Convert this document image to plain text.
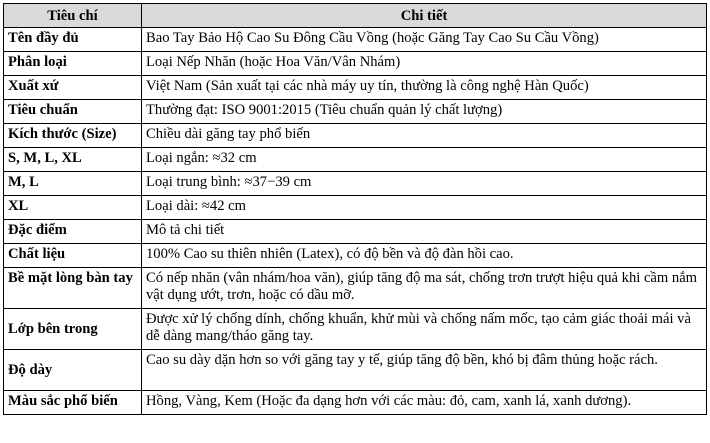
Tiêu chí	Chi tiết
Tên đầy đủ	Bao Tay Bảo Hộ Cao Su Đông Cầu Vồng (hoặc Găng Tay Cao Su Cầu Vồng)
Phân loại	Loại Nếp Nhăn (hoặc Hoa Văn/Vân Nhám)
Xuất xứ	Việt Nam (Sản xuất tại các nhà máy uy tín, thường là công nghệ Hàn Quốc)
Tiêu chuẩn	Thường đạt: ISO 9001:2015 (Tiêu chuẩn quản lý chất lượng)
Kích thước (Size)	Chiều dài găng tay phổ biến
S, M, L, XL	Loại ngắn: ≈32 cm
M, L	Loại trung bình: ≈37−39 cm
XL	Loại dài: ≈42 cm
Đặc điểm	Mô tả chi tiết
Chất liệu	100% Cao su thiên nhiên (Latex), có độ bền và độ đàn hồi cao.
Bề mặt lòng bàn tay	Có nếp nhăn (vân nhám/hoa văn), giúp tăng độ ma sát, chống trơn trượt hiệu quả khi cầm nắm vật dụng ướt, trơn, hoặc có dầu mỡ.
Lớp bên trong	Được xử lý chống dính, chống khuẩn, khử mùi và chống nấm mốc, tạo cảm giác thoải mái và dễ dàng mang/tháo găng tay.
Độ dày	Cao su dày dặn hơn so với găng tay y tế, giúp tăng độ bền, khó bị đâm thủng hoặc rách.
Màu sắc phổ biến	Hồng, Vàng, Kem (Hoặc đa dạng hơn với các màu: đỏ, cam, xanh lá, xanh dương).
